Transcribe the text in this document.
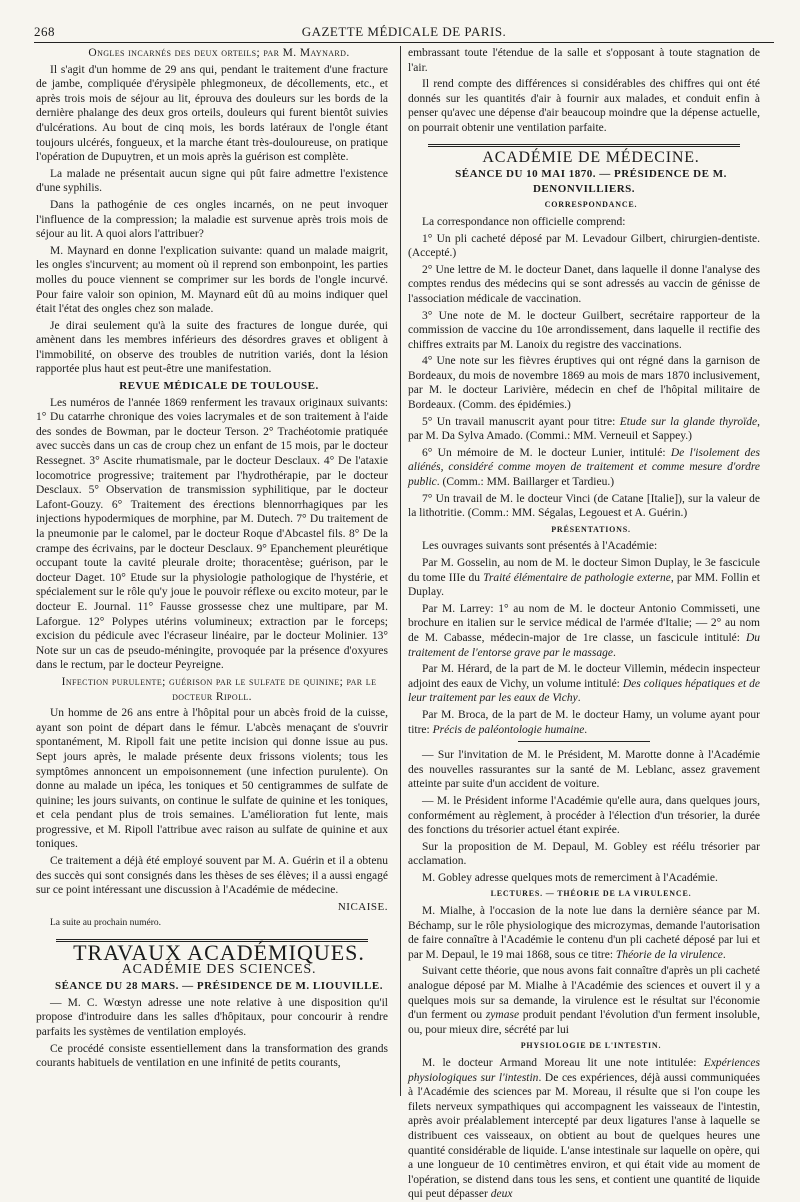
268	GAZETTE MÉDICALE DE PARIS.

Ongles incarnés des deux orteils; par M. Maynard.

Il s'agit d'un homme de 29 ans qui, pendant le traitement d'une fracture de jambe, compliquée d'érysipèle phlegmoneux, de décollements, etc., et après trois mois de séjour au lit, éprouva des douleurs sur les bords de la dernière phalange des deux gros orteils, douleurs qui furent bientôt suivies d'ulcérations. Au bout de cinq mois, les bords latéraux de l'ongle étant toujours ulcérés, fongueux, et la marche étant très-douloureuse, on pratique l'opération de Dupuytren, et un mois après la guérison est complète.

La malade ne présentait aucun signe qui pût faire admettre l'existence d'une syphilis.

Dans la pathogénie de ces ongles incarnés, on ne peut invoquer l'influence de la compression; la maladie est survenue après trois mois de séjour au lit. A quoi alors l'attribuer?

M. Maynard en donne l'explication suivante: quand un malade maigrit, les ongles s'incurvent; au moment où il reprend son embonpoint, les parties molles du pouce viennent se comprimer sur les bords de l'ongle incurvé. Pour faire valoir son opinion, M. Maynard eût dû au moins indiquer quel était l'état des ongles chez son malade.

Je dirai seulement qu'à la suite des fractures de longue durée, qui amènent dans les membres inférieurs des désordres graves et obligent à l'immobilité, on observe des troubles de nutrition variés, dont la lésion rapportée plus haut est peut-être une manifestation.

REVUE MÉDICALE DE TOULOUSE.

Les numéros de l'année 1869 renferment les travaux originaux suivants: 1° Du catarrhe chronique des voies lacrymales et de son traitement à l'aide des sondes de Bowman, par le docteur Terson. 2° Trachéotomie pratiquée avec succès dans un cas de croup chez un enfant de 15 mois, par le docteur Ressegnet. 3° Ascite rhumatismale, par le docteur Desclaux. 4° De l'ataxie locomotrice progressive; traitement par l'hydrothérapie, par le docteur Desclaux. 5° Observation de transmission syphilitique, par le docteur Lafont-Gouzy. 6° Traitement des érections blennorrhagiques par les injections hypodermiques de morphine, par M. Dutech. 7° Du traitement de la pneumonie par le calomel, par le docteur Roque d'Abcastel fils. 8° De la crampe des écrivains, par le docteur Desclaux. 9° Epanchement pleurétique occupant toute la cavité pleurale droite; thoracentèse; guérison, par le docteur Daget. 10° Etude sur la physiologie pathologique de l'hystérie, et spécialement sur le rôle qu'y joue le pouvoir réflexe ou excito moteur, par le docteur E. Journal. 11° Fausse grossesse chez une multipare, par M. Laforgue. 12° Polypes utérins volumineux; extraction par le forceps; excision du pédicule avec l'écraseur linéaire, par le docteur Molinier. 13° Note sur un cas de pseudo-méningite, provoquée par la présence d'oxyures dans le rectum, par le docteur Peyreigne.

Infection purulente; guérison par le sulfate de quinine; par le docteur Ripoll.

Un homme de 26 ans entre à l'hôpital pour un abcès froid de la cuisse, ayant son point de départ dans le fémur. L'abcès menaçant de s'ouvrir spontanément, M. Ripoll fait une petite incision qui donne issue au pus. Sept jours après, le malade présente deux frissons violents; tous les symptômes annoncent un empoisonnement (une infection purulente). On donne au malade un ipéca, les toniques et 50 centigrammes de sulfate de quinine; les jours suivants, on continue le sulfate de quinine et les toniques, et cela pendant plus de trois semaines. L'amélioration fut lente, mais progressive, et M. Ripoll l'attribue avec raison au sulfate de quinine et aux toniques.

Ce traitement a déjà été employé souvent par M. A. Guérin et il a obtenu des succès qui sont consignés dans les thèses de ses élèves; il a aussi engagé sur ce point intéressant une discussion à l'Académie de médecine.

NICAISE.

La suite au prochain numéro.

TRAVAUX ACADÉMIQUES.

ACADÉMIE DES SCIENCES.

SÉANCE DU 28 MARS. — PRÉSIDENCE DE M. LIOUVILLE.

— M. C. Wœstyn adresse une note relative à une disposition qu'il propose d'introduire dans les salles d'hôpitaux, pour concourir à rendre parfaits les systèmes de ventilation employés.

Ce procédé consiste essentiellement dans la transformation des grands courants habituels de ventilation en une infinité de petits courants,

embrassant toute l'étendue de la salle et s'opposant à toute stagnation de l'air.

Il rend compte des différences si considérables des chiffres qui ont été donnés sur les quantités d'air à fournir aux malades, et conduit enfin à penser qu'avec une dépense d'air beaucoup moindre que la dépense actuelle, on pourrait obtenir une ventilation parfaite.

ACADÉMIE DE MÉDECINE.

SÉANCE DU 10 MAI 1870. — PRÉSIDENCE DE M. DENONVILLIERS.

CORRESPONDANCE.

La correspondance non officielle comprend:

1° Un pli cacheté déposé par M. Levadour Gilbert, chirurgien-dentiste. (Accepté.)

2° Une lettre de M. le docteur Danet, dans laquelle il donne l'analyse des comptes rendus des médecins qui se sont adressés au vaccin de génisse de l'association médicale de vaccination.

3° Une note de M. le docteur Guilbert, secrétaire rapporteur de la commission de vaccine du 10e arrondissement, dans laquelle il rectifie des chiffres extraits par M. Lanoix du registre des vaccinations.

4° Une note sur les fièvres éruptives qui ont régné dans la garnison de Bordeaux, du mois de novembre 1869 au mois de mars 1870 inclusivement, par M. le docteur Larivière, médecin en chef de l'hôpital militaire de Bordeaux. (Comm. des épidémies.)

5° Un travail manuscrit ayant pour titre: Etude sur la glande thyroïde, par M. Da Sylva Amado. (Commi.: MM. Verneuil et Sappey.)

6° Un mémoire de M. le docteur Lunier, intitulé: De l'isolement des aliénés, considéré comme moyen de traitement et comme mesure d'ordre public. (Comm.: MM. Baillarger et Tardieu.)

7° Un travail de M. le docteur Vinci (de Catane [Italie]), sur la valeur de la lithotritie. (Comm.: MM. Ségalas, Legouest et A. Guérin.)

PRÉSENTATIONS.

Les ouvrages suivants sont présentés à l'Académie:

Par M. Gosselin, au nom de M. le docteur Simon Duplay, le 3e fascicule du tome IIIe du Traité élémentaire de pathologie externe, par MM. Follin et Duplay.

Par M. Larrey: 1° au nom de M. le docteur Antonio Commisseti, une brochure en italien sur le service médical de l'armée d'Italie; — 2° au nom de M. Cabasse, médecin-major de 1re classe, un fascicule intitulé: Du traitement de l'entorse grave par le massage.

Par M. Hérard, de la part de M. le docteur Villemin, médecin inspecteur adjoint des eaux de Vichy, un volume intitulé: Des coliques hépatiques et de leur traitement par les eaux de Vichy.

Par M. Broca, de la part de M. le docteur Hamy, un volume ayant pour titre: Précis de paléontologie humaine.

— Sur l'invitation de M. le Président, M. Marotte donne à l'Académie des nouvelles rassurantes sur la santé de M. Leblanc, assez gravement atteinte par suite d'un accident de voiture.

— M. le Président informe l'Académie qu'elle aura, dans quelques jours, conformément au règlement, à procéder à l'élection d'un trésorier, la durée des fonctions du trésorier actuel étant expirée.

Sur la proposition de M. Depaul, M. Gobley est réélu trésorier par acclamation.

M. Gobley adresse quelques mots de remerciment à l'Académie.

LECTURES. — THÉORIE DE LA VIRULENCE.

M. Mialhe, à l'occasion de la note lue dans la dernière séance par M. Béchamp, sur le rôle physiologique des microzymas, demande l'autorisation de faire connaître à l'Académie le contenu d'un pli cacheté déposé par lui et par M. Depaul, le 19 mai 1868, sous ce titre: Théorie de la virulence.

Suivant cette théorie, que nous avons fait connaître d'après un pli cacheté analogue déposé par M. Mialhe à l'Académie des sciences et ouvert il y a quelques mois sur sa demande, la virulence est le résultat sur l'économie d'un ferment ou zymase produit pendant l'évolution d'un ferment insoluble, ou, pour mieux dire, sécrété par lui

PHYSIOLOGIE DE L'INTESTIN.

M. le docteur Armand Moreau lit une note intitulée: Expériences physiologiques sur l'intestin. De ces expériences, déjà aussi communiquées à l'Académie des sciences par M. Moreau, il résulte que si l'on coupe les filets nerveux sympathiques qui accompagnent les vaisseaux de l'intestin, après avoir préalablement intercepté par deux ligatures l'anse à laquelle se distribuent ces vaisseaux, on obtient au bout de quelques heures une quantité considérable de liquide. L'anse intestinale sur laquelle on opère, qui a une longueur de 10 centimètres environ, et qui était vide au moment de l'opération, se distend dans tous les sens, et contient une quantité de liquide qui peut dépasser deux
